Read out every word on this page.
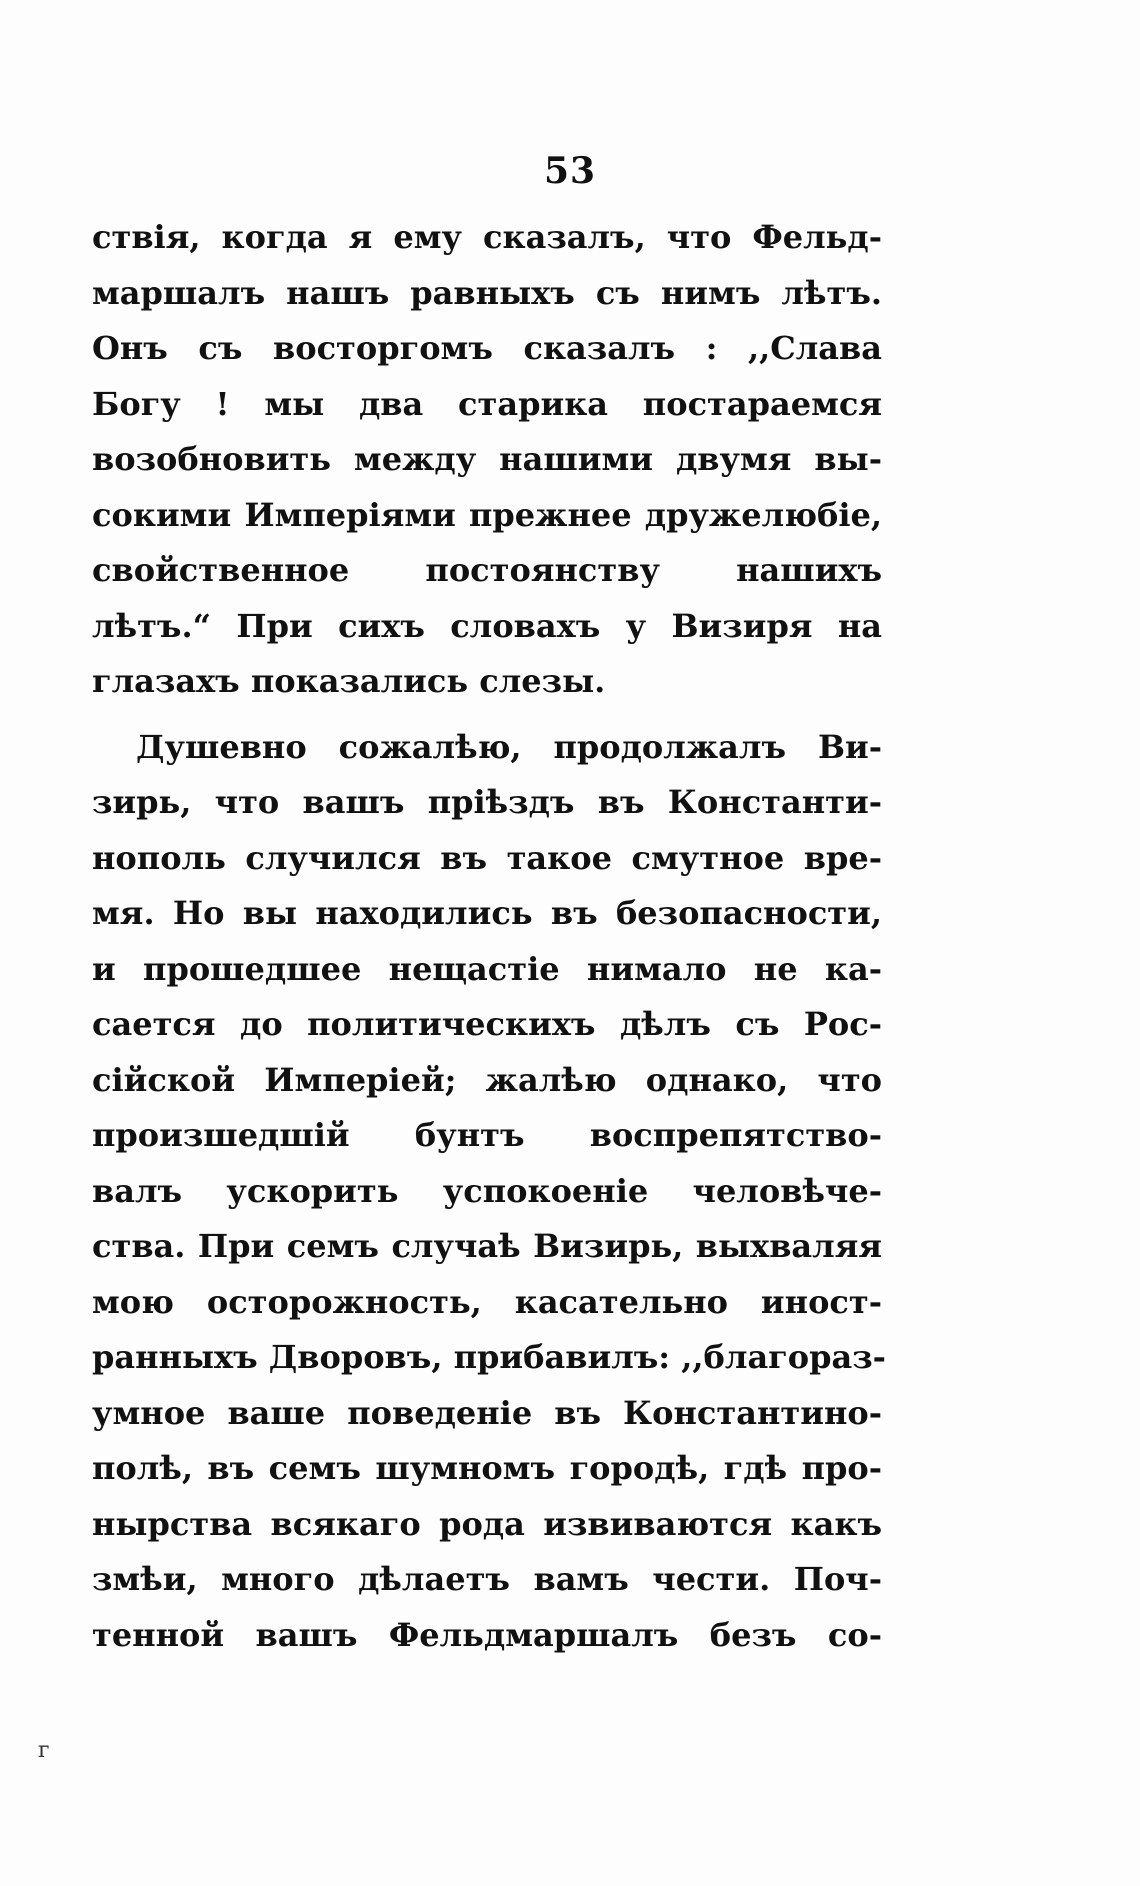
53
ствія, когда я ему сказалъ, что Фельд-
маршалъ нашъ равныхъ съ нимъ лѣтъ.
Онъ съ восторгомъ сказалъ : ,,Слава
Богу ! мы два старика постараемся
возобновить между нашими двумя вы-
сокими Имперіями прежнее дружелюбіе,
свойственное постоянству нашихъ
лѣтъ.“ При сихъ словахъ у Визиря на
глазахъ показались слезы.
Душевно сожалѣю, продолжалъ Ви-
зирь, что вашъ пріѣздъ въ Константи-
нополь случился въ такое смутное вре-
мя. Но вы находились въ безопасности,
и прошедшее нещастіе нимало не ка-
сается до политическихъ дѣлъ съ Рос-
сійской Имперіей; жалѣю однако, что
произшедшій бунтъ воспрепятство-
валъ ускорить успокоеніе человѣче-
ства. При семъ случаѣ Визирь, выхваляя
мою осторожность, касательно иност-
ранныхъ Дворовъ, прибавилъ: ,,благораз-
умное ваше поведеніе въ Константино-
полѣ, въ семъ шумномъ городѣ, гдѣ про-
нырства всякаго рода извиваются какъ
змѣи, много дѣлаетъ вамъ чести. Поч-
тенной вашъ Фельдмаршалъ безъ со-
г
